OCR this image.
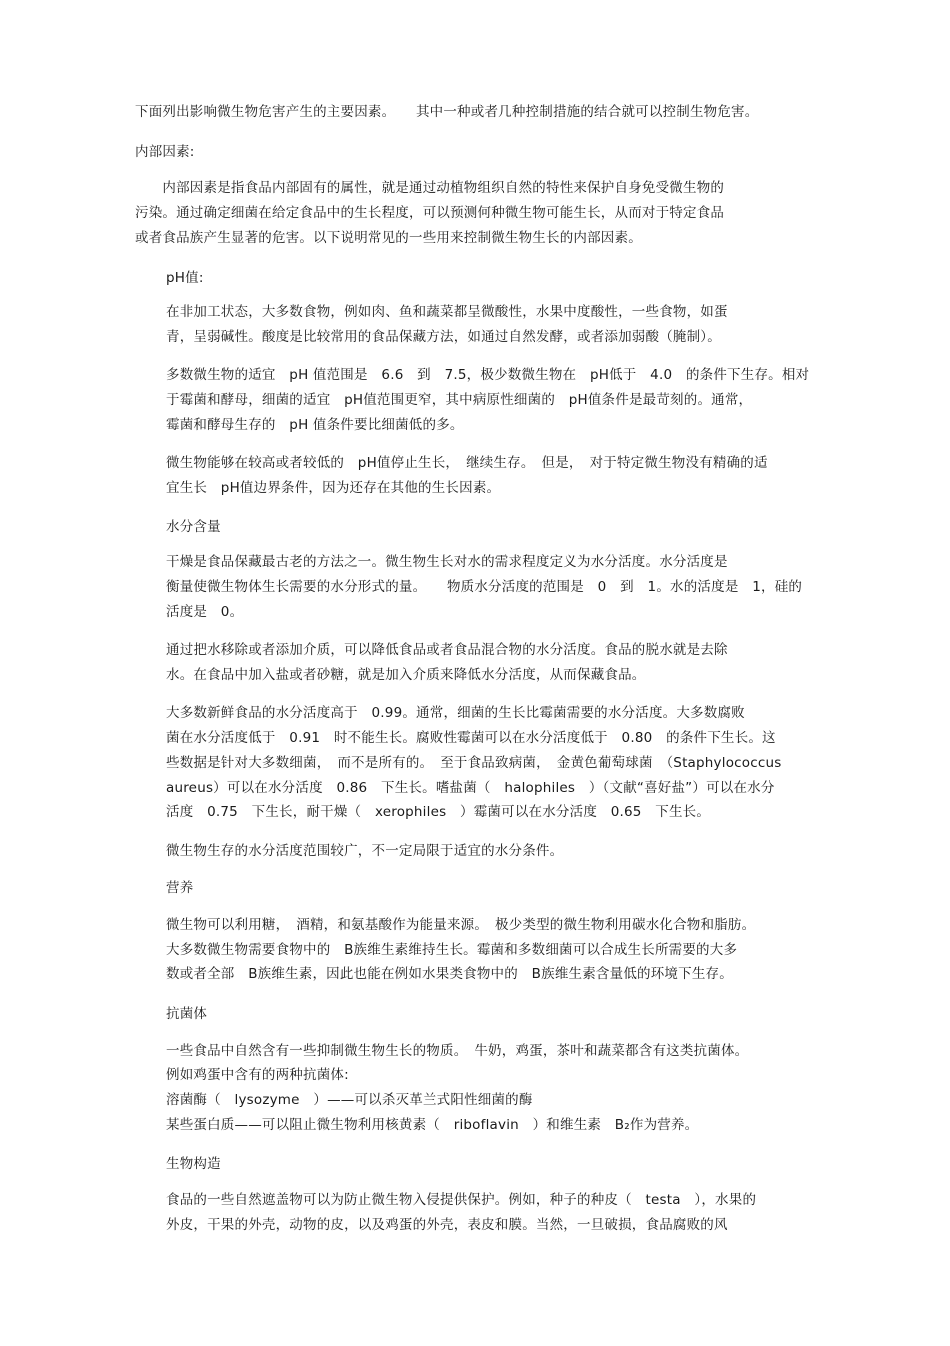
下面列出影响微生物危害产生的主要因素。　　其中一种或者几种控制措施的结合就可以控制生物危害。
内部因素:
　　内部因素是指食品内部固有的属性，就是通过动植物组织自然的特性来保护自身免受微生物的
污染。通过确定细菌在给定食品中的生长程度，可以预测何种微生物可能生长，从而对于特定食品
或者食品族产生显著的危害。以下说明常见的一些用来控制微生物生长的内部因素。
pH值:
在非加工状态，大多数食物，例如肉、鱼和蔬菜都呈微酸性，水果中度酸性，一些食物，如蛋
青，呈弱碱性。酸度是比较常用的食品保藏方法，如通过自然发酵，或者添加弱酸（腌制）。
多数微生物的适宜　pH 值范围是　6.6　到　7.5，极少数微生物在　pH低于　4.0　的条件下生存。相对
于霉菌和酵母，细菌的适宜　pH值范围更窄，其中病原性细菌的　pH值条件是最苛刻的。通常，
霉菌和酵母生存的　pH 值条件要比细菌低的多。
微生物能够在较高或者较低的　pH值停止生长，　继续生存。　但是，　对于特定微生物没有精确的适
宜生长　pH值边界条件，因为还存在其他的生长因素。
水分含量
干燥是食品保藏最古老的方法之一。微生物生长对水的需求程度定义为水分活度。水分活度是
衡量使微生物体生长需要的水分形式的量。　　物质水分活度的范围是　0　到　1。水的活度是　1，硅的
活度是　0。
通过把水移除或者添加介质，可以降低食品或者食品混合物的水分活度。食品的脱水就是去除
水。在食品中加入盐或者砂糖，就是加入介质来降低水分活度，从而保藏食品。
大多数新鲜食品的水分活度高于　0.99。通常，细菌的生长比霉菌需要的水分活度。大多数腐败
菌在水分活度低于　0.91　时不能生长。腐败性霉菌可以在水分活度低于　0.80　的条件下生长。这
些数据是针对大多数细菌，　而不是所有的。　至于食品致病菌，　金黄色葡萄球菌　（Staphylococcus
aureus）可以在水分活度　0.86　下生长。嗜盐菌（　halophiles　）（文献“喜好盐”）可以在水分
活度　0.75　下生长，耐干燥（　xerophiles　）霉菌可以在水分活度　0.65　下生长。
微生物生存的水分活度范围较广，不一定局限于适宜的水分条件。
营养
微生物可以利用糖，　酒精，和氨基酸作为能量来源。　极少类型的微生物利用碳水化合物和脂肪。
大多数微生物需要食物中的　B族维生素维持生长。霉菌和多数细菌可以合成生长所需要的大多
数或者全部　B族维生素，因此也能在例如水果类食物中的　B族维生素含量低的环境下生存。
抗菌体
一些食品中自然含有一些抑制微生物生长的物质。　牛奶，鸡蛋，茶叶和蔬菜都含有这类抗菌体。
例如鸡蛋中含有的两种抗菌体:
溶菌酶（　lysozyme　）——可以杀灭革兰式阳性细菌的酶
某些蛋白质——可以阻止微生物利用核黄素（　riboflavin　）和维生素　B₂作为营养。
生物构造
食品的一些自然遮盖物可以为防止微生物入侵提供保护。例如，种子的种皮（　testa　），水果的
外皮，干果的外壳，动物的皮，以及鸡蛋的外壳，表皮和膜。当然，一旦破损，食品腐败的风
